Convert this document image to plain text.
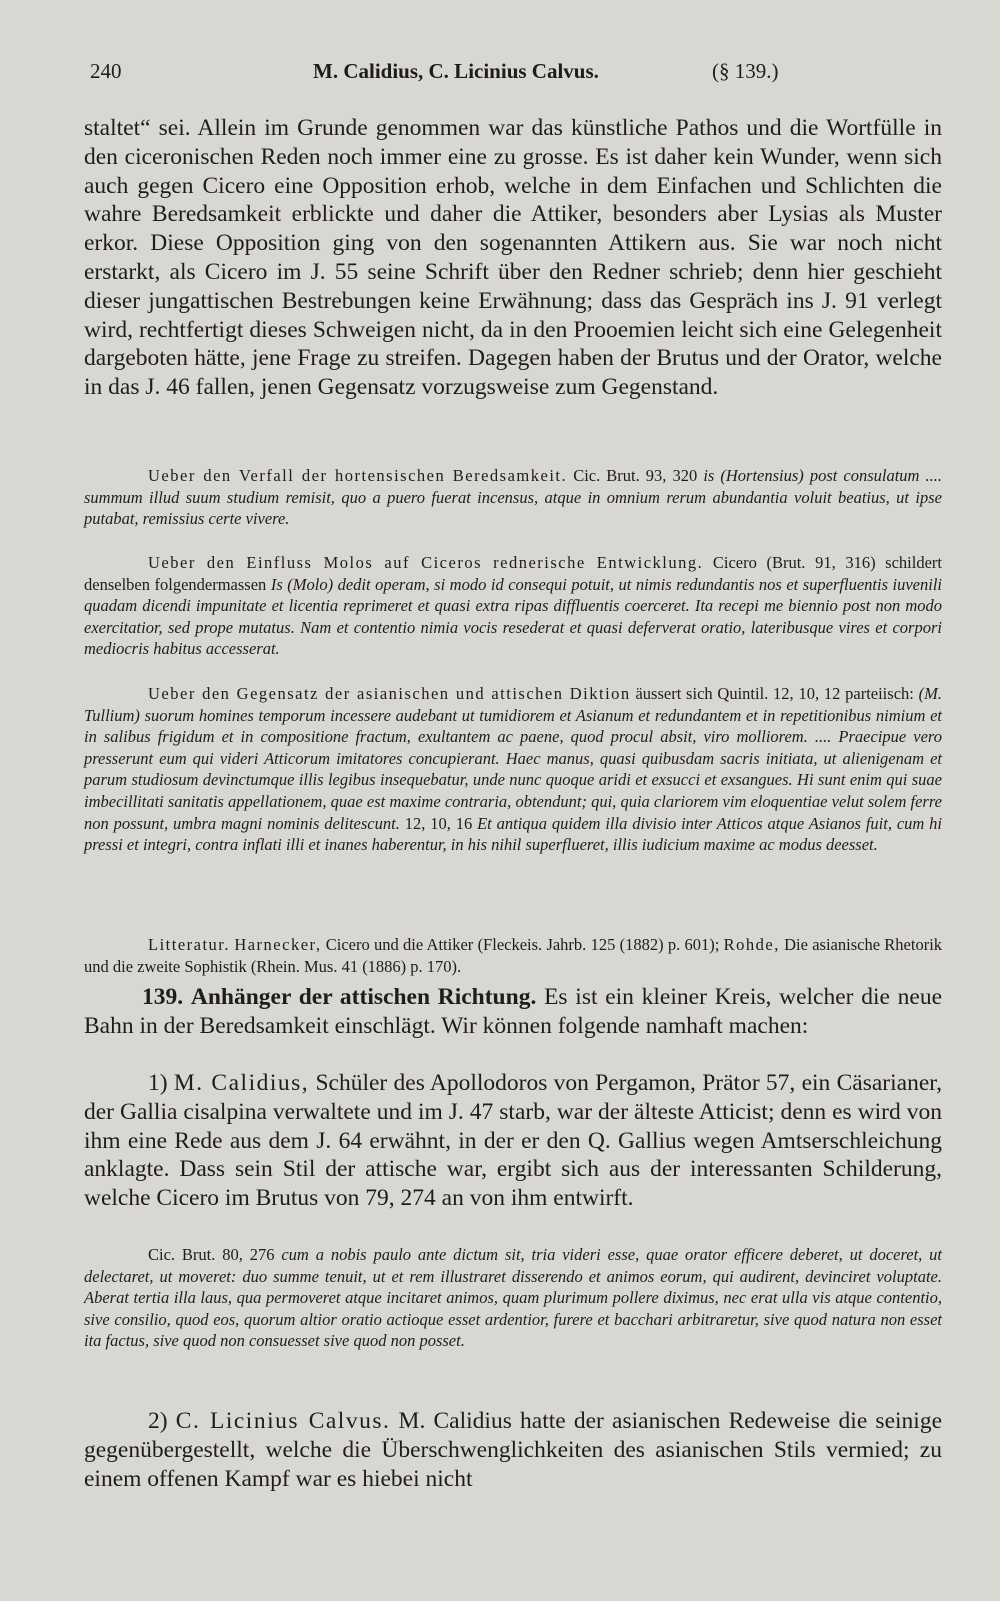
240	M. Calidius, C. Licinius Calvus.	(§ 139.)

staltet“ sei. Allein im Grunde genommen war das künstliche Pathos und die Wortfülle in den ciceronischen Reden noch immer eine zu grosse. Es ist daher kein Wunder, wenn sich auch gegen Cicero eine Opposition erhob, welche in dem Einfachen und Schlichten die wahre Beredsamkeit erblickte und daher die Attiker, besonders aber Lysias als Muster erkor. Diese Opposition ging von den sogenannten Attikern aus. Sie war noch nicht erstarkt, als Cicero im J. 55 seine Schrift über den Redner schrieb; denn hier geschieht dieser jungattischen Bestrebungen keine Erwähnung; dass das Gespräch ins J. 91 verlegt wird, rechtfertigt dieses Schweigen nicht, da in den Prooemien leicht sich eine Gelegenheit dargeboten hätte, jene Frage zu streifen. Dagegen haben der Brutus und der Orator, welche in das J. 46 fallen, jenen Gegensatz vorzugsweise zum Gegenstand.

Ueber den Verfall der hortensischen Beredsamkeit. Cic. Brut. 93, 320 is (Hortensius) post consulatum .... summum illud suum studium remisit, quo a puero fuerat incensus, atque in omnium rerum abundantia voluit beatius, ut ipse putabat, remissius certe vivere.

Ueber den Einfluss Molos auf Ciceros rednerische Entwicklung. Cicero (Brut. 91, 316) schildert denselben folgendermassen Is (Molo) dedit operam, si modo id consequi potuit, ut nimis redundantis nos et superfluentis iuvenili quadam dicendi impunitate et licentia reprimeret et quasi extra ripas diffluentis coerceret. Ita recepi me biennio post non modo exercitatior, sed prope mutatus. Nam et contentio nimia vocis resederat et quasi deferverat oratio, lateribusque vires et corpori mediocris habitus accesserat.

Ueber den Gegensatz der asianischen und attischen Diktion äussert sich Quintil. 12, 10, 12 parteiisch: (M. Tullium) suorum homines temporum incessere audebant ut tumidiorem et Asianum et redundantem et in repetitionibus nimium et in salibus frigidum et in compositione fractum, exultantem ac paene, quod procul absit, viro molliorem. .... Praecipue vero presserunt eum qui videri Atticorum imitatores concupierant. Haec manus, quasi quibusdam sacris initiata, ut alienigenam et parum studiosum devinctumque illis legibus insequebatur, unde nunc quoque aridi et exsucci et exsangues. Hi sunt enim qui suae imbecillitati sanitatis appellationem, quae est maxime contraria, obtendunt; qui, quia clariorem vim eloquentiae velut solem ferre non possunt, umbra magni nominis delitescunt. 12, 10, 16 Et antiqua quidem illa divisio inter Atticos atque Asianos fuit, cum hi pressi et integri, contra inflati illi et inanes haberentur, in his nihil superflueret, illis iudicium maxime ac modus deesset.

Litteratur. Harnecker, Cicero und die Attiker (Fleckeis. Jahrb. 125 (1882) p. 601); Rohde, Die asianische Rhetorik und die zweite Sophistik (Rhein. Mus. 41 (1886) p. 170).

139. Anhänger der attischen Richtung. Es ist ein kleiner Kreis, welcher die neue Bahn in der Beredsamkeit einschlägt. Wir können folgende namhaft machen:

1) M. Calidius, Schüler des Apollodoros von Pergamon, Prätor 57, ein Cäsarianer, der Gallia cisalpina verwaltete und im J. 47 starb, war der älteste Atticist; denn es wird von ihm eine Rede aus dem J. 64 erwähnt, in der er den Q. Gallius wegen Amtserschleichung anklagte. Dass sein Stil der attische war, ergibt sich aus der interessanten Schilderung, welche Cicero im Brutus von 79, 274 an von ihm entwirft.

Cic. Brut. 80, 276 cum a nobis paulo ante dictum sit, tria videri esse, quae orator efficere deberet, ut doceret, ut delectaret, ut moveret: duo summe tenuit, ut et rem illustraret disserendo et animos eorum, qui audirent, devinciret voluptate. Aberat tertia illa laus, qua permoveret atque incitaret animos, quam plurimum pollere diximus, nec erat ulla vis atque contentio, sive consilio, quod eos, quorum altior oratio actioque esset ardentior, furere et bacchari arbitraretur, sive quod natura non esset ita factus, sive quod non consuesset sive quod non posset.

2) C. Licinius Calvus. M. Calidius hatte der asianischen Redeweise die seinige gegenübergestellt, welche die Überschwenglichkeiten des asianischen Stils vermied; zu einem offenen Kampf war es hiebei nicht
